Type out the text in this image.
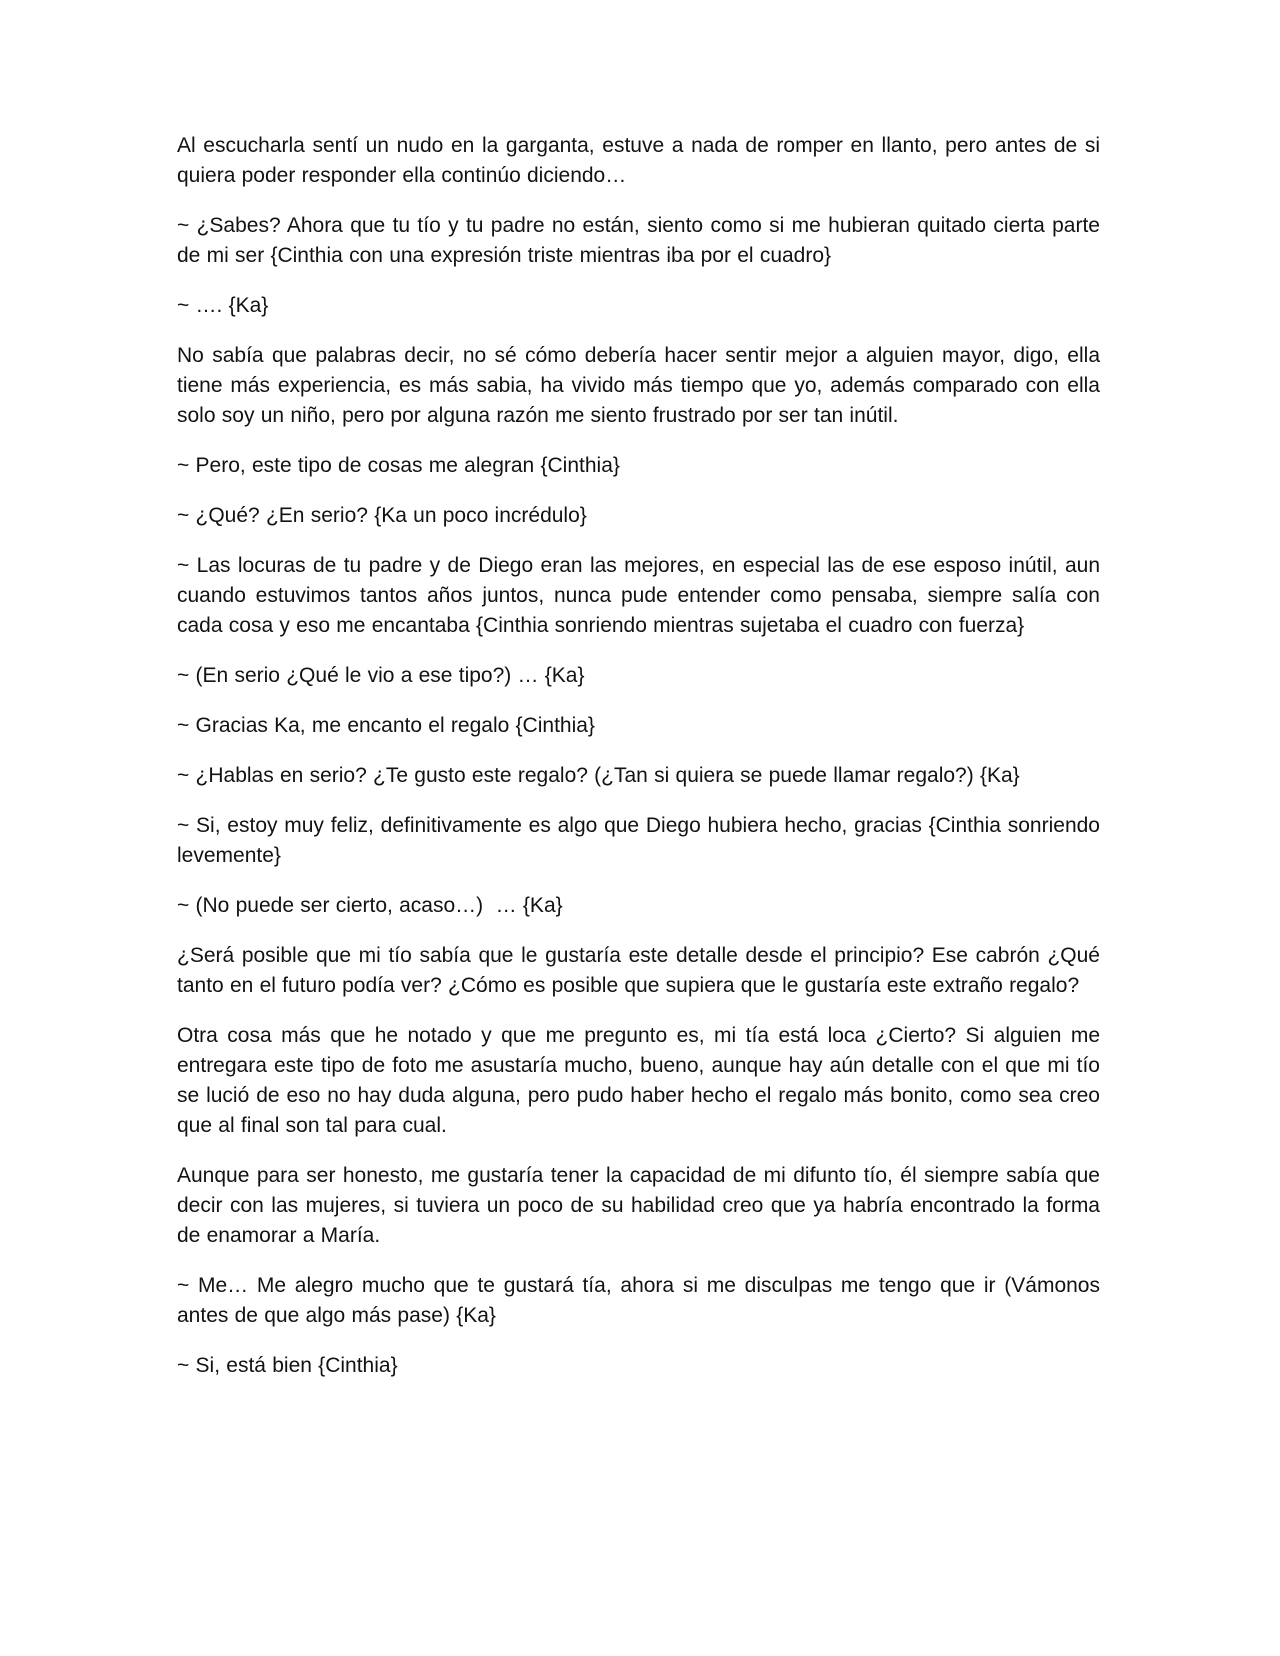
Al escucharla sentí un nudo en la garganta, estuve a nada de romper en llanto, pero antes de si quiera poder responder ella continúo diciendo…

~ ¿Sabes? Ahora que tu tío y tu padre no están, siento como si me hubieran quitado cierta parte de mi ser {Cinthia con una expresión triste mientras iba por el cuadro}

~ …. {Ka}

No sabía que palabras decir, no sé cómo debería hacer sentir mejor a alguien mayor, digo, ella tiene más experiencia, es más sabia, ha vivido más tiempo que yo, además comparado con ella solo soy un niño, pero por alguna razón me siento frustrado por ser tan inútil.

~ Pero, este tipo de cosas me alegran {Cinthia}

~ ¿Qué? ¿En serio? {Ka un poco incrédulo}

~ Las locuras de tu padre y de Diego eran las mejores, en especial las de ese esposo inútil, aun cuando estuvimos tantos años juntos, nunca pude entender como pensaba, siempre salía con cada cosa y eso me encantaba {Cinthia sonriendo mientras sujetaba el cuadro con fuerza}

~ (En serio ¿Qué le vio a ese tipo?) … {Ka}

~ Gracias Ka, me encanto el regalo {Cinthia}

~ ¿Hablas en serio? ¿Te gusto este regalo? (¿Tan si quiera se puede llamar regalo?) {Ka}

~ Si, estoy muy feliz, definitivamente es algo que Diego hubiera hecho, gracias {Cinthia sonriendo levemente}

~ (No puede ser cierto, acaso…)  … {Ka}

¿Será posible que mi tío sabía que le gustaría este detalle desde el principio? Ese cabrón ¿Qué tanto en el futuro podía ver? ¿Cómo es posible que supiera que le gustaría este extraño regalo?

Otra cosa más que he notado y que me pregunto es, mi tía está loca ¿Cierto? Si alguien me entregara este tipo de foto me asustaría mucho, bueno, aunque hay aún detalle con el que mi tío se lució de eso no hay duda alguna, pero pudo haber hecho el regalo más bonito, como sea creo que al final son tal para cual.

Aunque para ser honesto, me gustaría tener la capacidad de mi difunto tío, él siempre sabía que decir con las mujeres, si tuviera un poco de su habilidad creo que ya habría encontrado la forma de enamorar a María.

~ Me… Me alegro mucho que te gustará tía, ahora si me disculpas me tengo que ir (Vámonos antes de que algo más pase) {Ka}

~ Si, está bien {Cinthia}
